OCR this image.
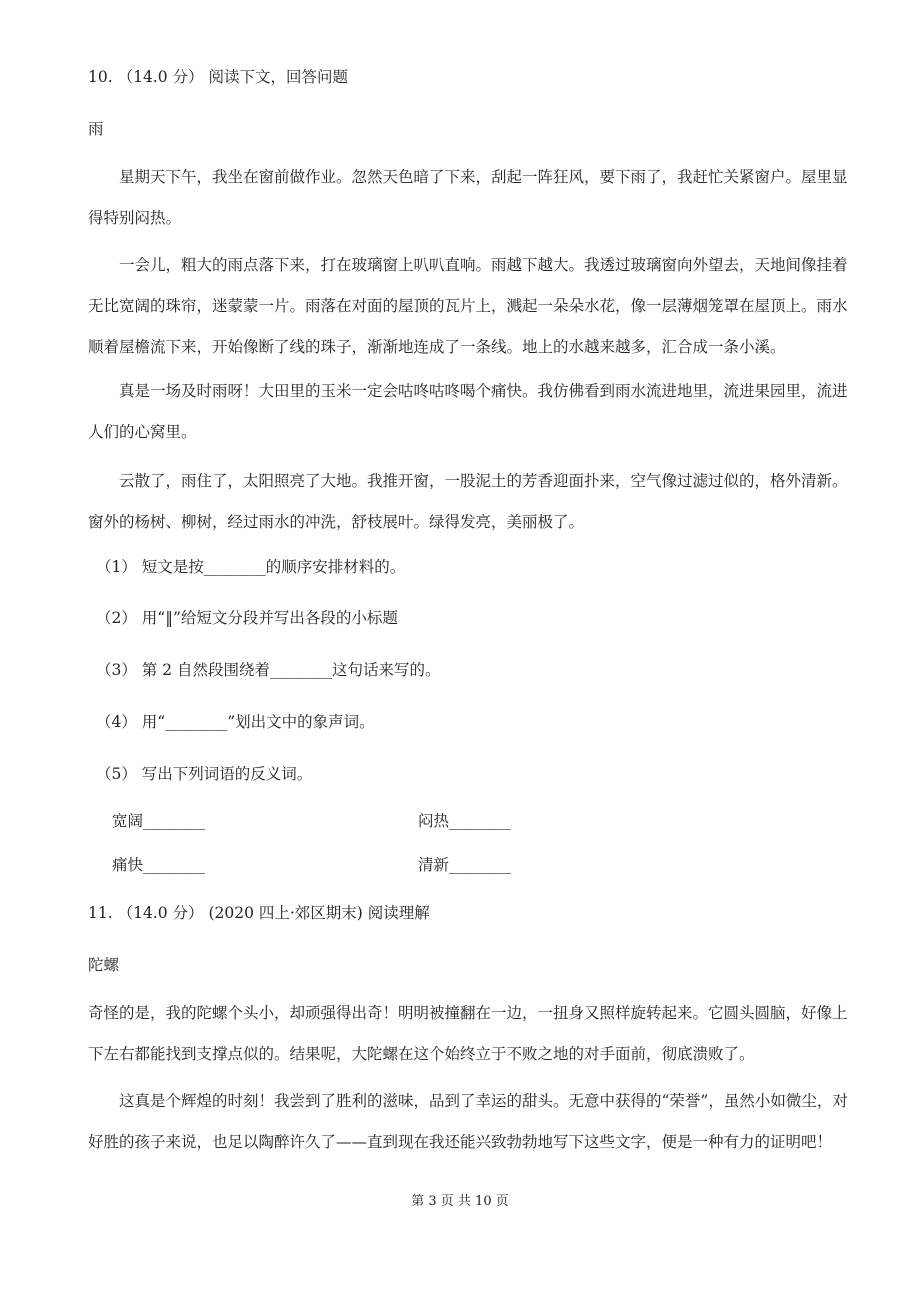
10. （14.0 分） 阅读下文，回答问题
雨
星期天下午，我坐在窗前做作业。忽然天色暗了下来，刮起一阵狂风，要下雨了，我赶忙关紧窗户。屋里显得特别闷热。
一会儿，粗大的雨点落下来，打在玻璃窗上叭叭直响。雨越下越大。我透过玻璃窗向外望去，天地间像挂着无比宽阔的珠帘，迷蒙蒙一片。雨落在对面的屋顶的瓦片上，溅起一朵朵水花，像一层薄烟笼罩在屋顶上。雨水顺着屋檐流下来，开始像断了线的珠子，渐渐地连成了一条线。地上的水越来越多，汇合成一条小溪。
真是一场及时雨呀！大田里的玉米一定会咕咚咕咚喝个痛快。我仿佛看到雨水流进地里，流进果园里，流进人们的心窝里。
云散了，雨住了，太阳照亮了大地。我推开窗，一股泥土的芳香迎面扑来，空气像过滤过似的，格外清新。窗外的杨树、柳树，经过雨水的冲洗，舒枝展叶。绿得发亮，美丽极了。
（1） 短文是按________的顺序安排材料的。
（2） 用“‖”给短文分段并写出各段的小标题
（3） 第 2 自然段围绕着________这句话来写的。
（4） 用“________”划出文中的象声词。
（5） 写出下列词语的反义词。
宽阔________	闷热________
痛快________	清新________
11. （14.0 分） (2020 四上·郊区期末) 阅读理解
陀螺
奇怪的是，我的陀螺个头小，却顽强得出奇！明明被撞翻在一边，一扭身又照样旋转起来。它圆头圆脑，好像上下左右都能找到支撑点似的。结果呢，大陀螺在这个始终立于不败之地的对手面前，彻底溃败了。
这真是个辉煌的时刻！我尝到了胜利的滋味，品到了幸运的甜头。无意中获得的“荣誉”，虽然小如微尘，对好胜的孩子来说，也足以陶醉许久了——直到现在我还能兴致勃勃地写下这些文字，便是一种有力的证明吧！
第 3 页 共 10 页
